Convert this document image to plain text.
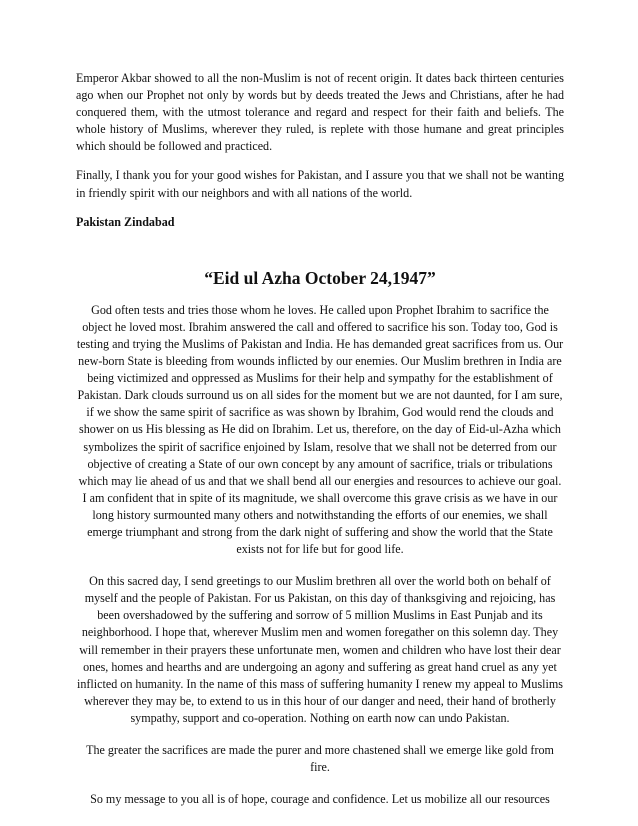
Emperor Akbar showed to all the non-Muslim is not of recent origin. It dates back thirteen centuries ago when our Prophet not only by words but by deeds treated the Jews and Christians, after he had conquered them, with the utmost tolerance and regard and respect for their faith and beliefs. The whole history of Muslims, wherever they ruled, is replete with those humane and great principles which should be followed and practiced.

Finally, I thank you for your good wishes for Pakistan, and I assure you that we shall not be wanting in friendly spirit with our neighbors and with all nations of the world.

Pakistan Zindabad

“Eid ul Azha October 24,1947”

God often tests and tries those whom he loves. He called upon Prophet Ibrahim to sacrifice the object he loved most. Ibrahim answered the call and offered to sacrifice his son. Today too, God is testing and trying the Muslims of Pakistan and India. He has demanded great sacrifices from us. Our new-born State is bleeding from wounds inflicted by our enemies. Our Muslim brethren in India are being victimized and oppressed as Muslims for their help and sympathy for the establishment of Pakistan. Dark clouds surround us on all sides for the moment but we are not daunted, for I am sure, if we show the same spirit of sacrifice as was shown by Ibrahim, God would rend the clouds and shower on us His blessing as He did on Ibrahim. Let us, therefore, on the day of Eid-ul-Azha which symbolizes the spirit of sacrifice enjoined by Islam, resolve that we shall not be deterred from our objective of creating a State of our own concept by any amount of sacrifice, trials or tribulations which may lie ahead of us and that we shall bend all our energies and resources to achieve our goal. I am confident that in spite of its magnitude, we shall overcome this grave crisis as we have in our long history surmounted many others and notwithstanding the efforts of our enemies, we shall emerge triumphant and strong from the dark night of suffering and show the world that the State exists not for life but for good life.

On this sacred day, I send greetings to our Muslim brethren all over the world both on behalf of myself and the people of Pakistan. For us Pakistan, on this day of thanksgiving and rejoicing, has been overshadowed by the suffering and sorrow of 5 million Muslims in East Punjab and its neighborhood. I hope that, wherever Muslim men and women foregather on this solemn day. They will remember in their prayers these unfortunate men, women and children who have lost their dear ones, homes and hearths and are undergoing an agony and suffering as great hand cruel as any yet inflicted on humanity. In the name of this mass of suffering humanity I renew my appeal to Muslims wherever they may be, to extend to us in this hour of our danger and need, their hand of brotherly sympathy, support and co-operation. Nothing on earth now can undo Pakistan.

The greater the sacrifices are made the purer and more chastened shall we emerge like gold from fire.

So my message to you all is of hope, courage and confidence. Let us mobilize all our resources
